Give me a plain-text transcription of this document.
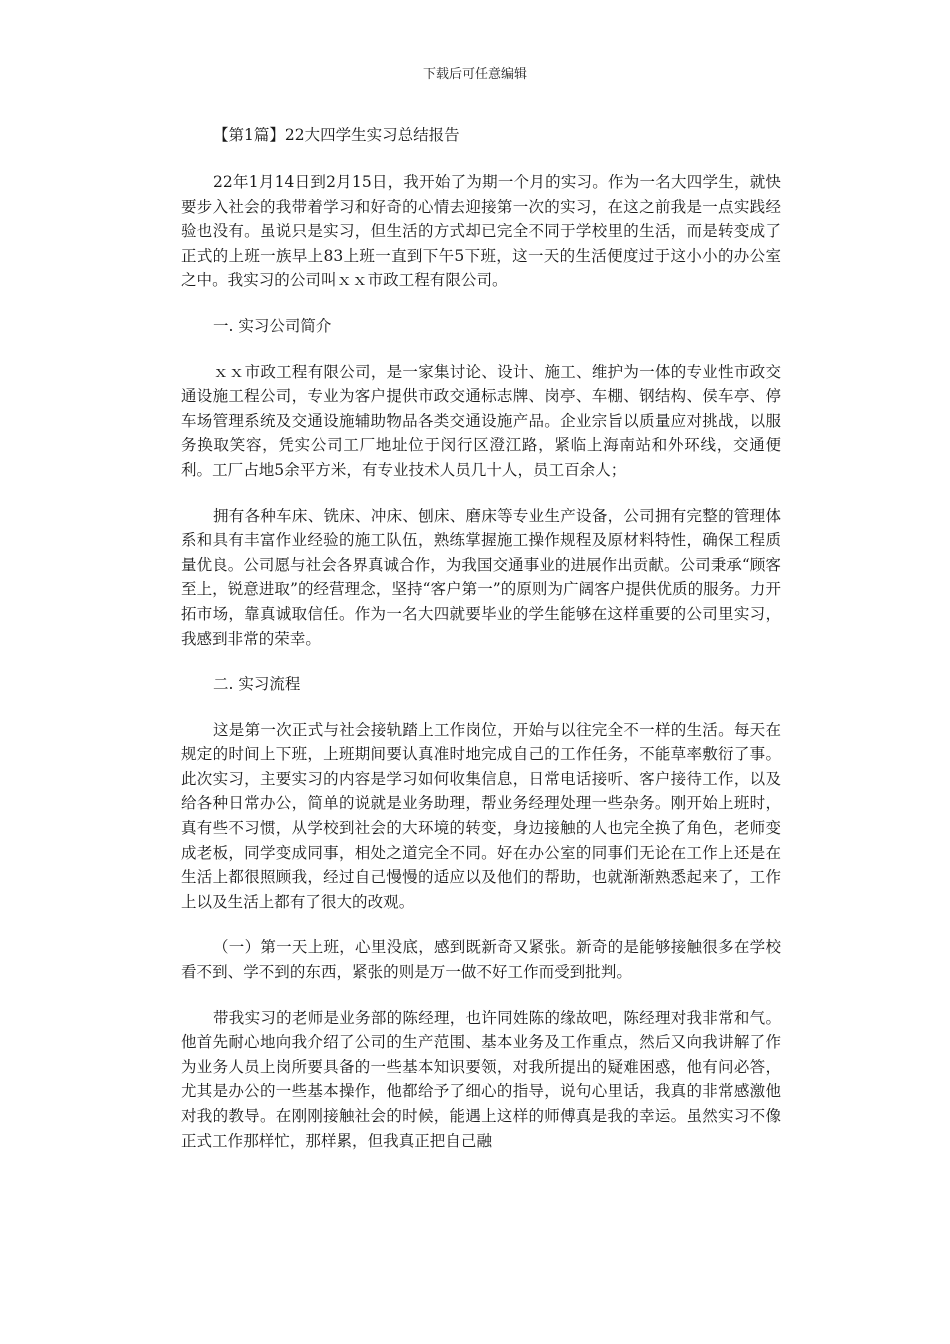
下载后可任意编辑
【第1篇】22大四学生实习总结报告

22年1月14日到2月15日，我开始了为期一个月的实习。作为一名大四学生，就快要步入社会的我带着学习和好奇的心情去迎接第一次的实习，在这之前我是一点实践经验也没有。虽说只是实习，但生活的方式却已完全不同于学校里的生活，而是转变成了正式的上班一族早上83上班一直到下午5下班，这一天的生活便度过于这小小的办公室之中。我实习的公司叫ｘｘ市政工程有限公司。

一. 实习公司简介

ｘｘ市政工程有限公司，是一家集讨论、设计、施工、维护为一体的专业性市政交通设施工程公司，专业为客户提供市政交通标志牌、岗亭、车棚、钢结构、侯车亭、停车场管理系统及交通设施辅助物品各类交通设施产品。企业宗旨以质量应对挑战，以服务换取笑容，凭实公司工厂地址位于闵行区澄江路，紧临上海南站和外环线，交通便利。工厂占地5余平方米，有专业技术人员几十人，员工百余人；

拥有各种车床、铣床、冲床、刨床、磨床等专业生产设备，公司拥有完整的管理体系和具有丰富作业经验的施工队伍，熟练掌握施工操作规程及原材料特性，确保工程质量优良。公司愿与社会各界真诚合作，为我国交通事业的进展作出贡献。公司秉承“顾客至上，锐意进取”的经营理念，坚持“客户第一”的原则为广阔客户提供优质的服务。力开拓市场，靠真诚取信任。作为一名大四就要毕业的学生能够在这样重要的公司里实习，我感到非常的荣幸。

二. 实习流程

这是第一次正式与社会接轨踏上工作岗位，开始与以往完全不一样的生活。每天在规定的时间上下班，上班期间要认真准时地完成自己的工作任务，不能草率敷衍了事。此次实习，主要实习的内容是学习如何收集信息，日常电话接听、客户接待工作，以及给各种日常办公，简单的说就是业务助理，帮业务经理处理一些杂务。刚开始上班时，真有些不习惯，从学校到社会的大环境的转变，身边接触的人也完全换了角色，老师变成老板，同学变成同事，相处之道完全不同。好在办公室的同事们无论在工作上还是在生活上都很照顾我，经过自己慢慢的适应以及他们的帮助，也就渐渐熟悉起来了，工作上以及生活上都有了很大的改观。

（一）第一天上班，心里没底，感到既新奇又紧张。新奇的是能够接触很多在学校看不到、学不到的东西，紧张的则是万一做不好工作而受到批判。

带我实习的老师是业务部的陈经理，也许同姓陈的缘故吧，陈经理对我非常和气。他首先耐心地向我介绍了公司的生产范围、基本业务及工作重点，然后又向我讲解了作为业务人员上岗所要具备的一些基本知识要领，对我所提出的疑难困惑，他有问必答，尤其是办公的一些基本操作，他都给予了细心的指导，说句心里话，我真的非常感激他对我的教导。在刚刚接触社会的时候，能遇上这样的师傅真是我的幸运。虽然实习不像正式工作那样忙，那样累，但我真正把自己融
